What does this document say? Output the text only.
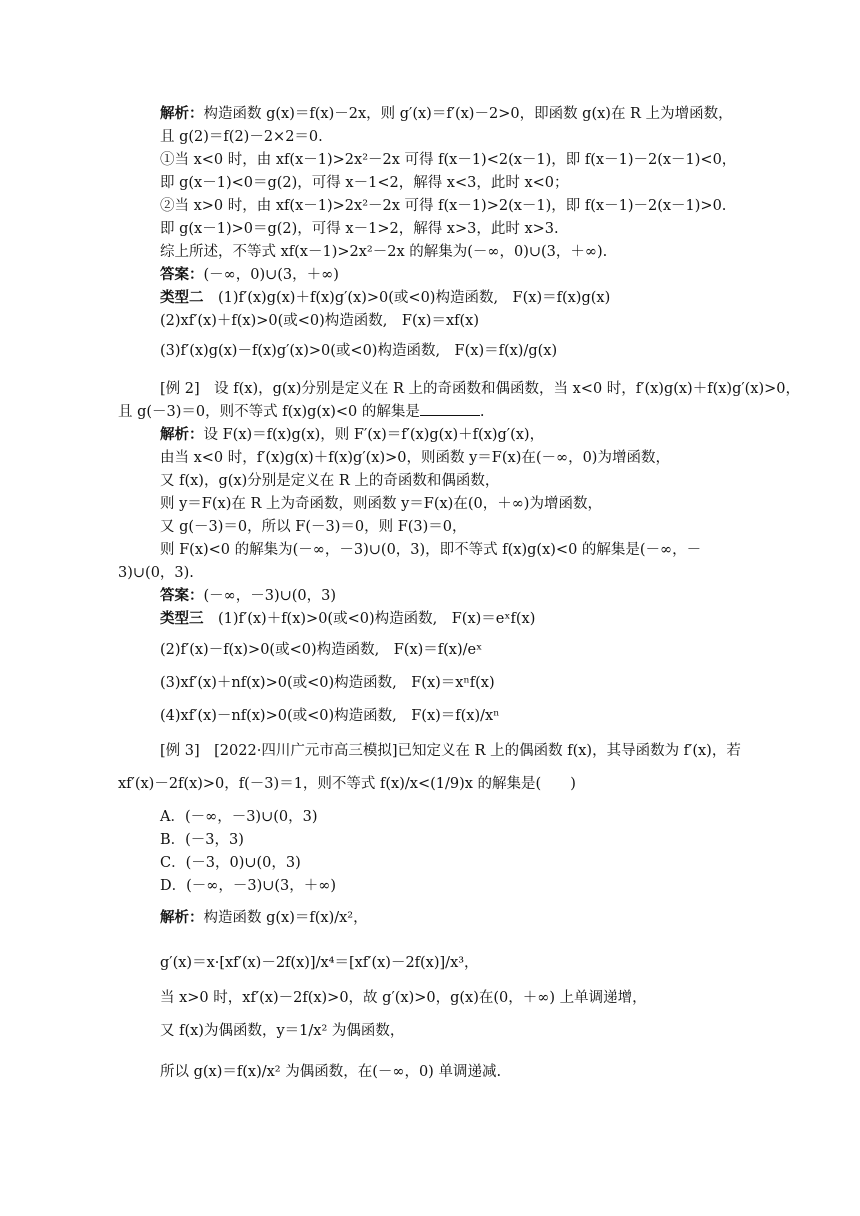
解析：构造函数 g(x)＝f(x)－2x，则 g′(x)＝f′(x)－2>0，即函数 g(x)在 R 上为增函数，
且 g(2)＝f(2)－2×2＝0.
①当 x<0 时，由 xf(x－1)>2x²－2x 可得 f(x－1)<2(x－1)，即 f(x－1)－2(x－1)<0，
即 g(x－1)<0＝g(2)，可得 x－1<2，解得 x<3，此时 x<0；
②当 x>0 时，由 xf(x－1)>2x²－2x 可得 f(x－1)>2(x－1)，即 f(x－1)－2(x－1)>0.
即 g(x－1)>0＝g(2)，可得 x－1>2，解得 x>3，此时 x>3.
综上所述，不等式 xf(x－1)>2x²－2x 的解集为(－∞，0)∪(3，＋∞).
答案：(－∞，0)∪(3，＋∞)
类型二　(1)f′(x)g(x)＋f(x)g′(x)>0(或<0)构造函数,　F(x)＝f(x)g(x)
(2)xf′(x)＋f(x)>0(或<0)构造函数,　F(x)＝xf(x)
(3)f′(x)g(x)－f(x)g′(x)>0(或<0)构造函数,　F(x)＝f(x)/g(x)
[例 2]　设 f(x)，g(x)分别是定义在 R 上的奇函数和偶函数，当 x<0 时，f′(x)g(x)＋f(x)g′(x)>0，
且 g(－3)＝0，则不等式 f(x)g(x)<0 的解集是	.
解析：设 F(x)＝f(x)g(x)，则 F′(x)＝f′(x)g(x)＋f(x)g′(x)，
由当 x<0 时，f′(x)g(x)＋f(x)g′(x)>0，则函数 y＝F(x)在(－∞，0)为增函数，
又 f(x)，g(x)分别是定义在 R 上的奇函数和偶函数，
则 y＝F(x)在 R 上为奇函数，则函数 y＝F(x)在(0，＋∞)为增函数，
又 g(－3)＝0，所以 F(－3)＝0，则 F(3)＝0，
则 F(x)<0 的解集为(－∞，－3)∪(0，3)，即不等式 f(x)g(x)<0 的解集是(－∞，－
3)∪(0，3).
答案：(－∞，－3)∪(0，3)
类型三　(1)f′(x)＋f(x)>0(或<0)构造函数,　F(x)＝eˣf(x)
(2)f′(x)－f(x)>0(或<0)构造函数,　F(x)＝f(x)/eˣ
(3)xf′(x)＋nf(x)>0(或<0)构造函数,　F(x)＝xⁿf(x)
(4)xf′(x)－nf(x)>0(或<0)构造函数,　F(x)＝f(x)/xⁿ
[例 3]　[2022·四川广元市高三模拟]已知定义在 R 上的偶函数 f(x)，其导函数为 f′(x)，若
xf′(x)－2f(x)>0，f(－3)＝1，则不等式 f(x)/x<(1/9)x 的解集是(　　)
A．(－∞，－3)∪(0，3)
B．(－3，3)
C．(－3，0)∪(0，3)
D．(－∞，－3)∪(3，＋∞)
解析：构造函数 g(x)＝f(x)/x²，
g′(x)＝x·[xf′(x)－2f(x)]/x⁴＝[xf′(x)－2f(x)]/x³，
当 x>0 时，xf′(x)－2f(x)>0，故 g′(x)>0，g(x)在(0，＋∞) 上单调递增，
又 f(x)为偶函数，y＝1/x² 为偶函数，
所以 g(x)＝f(x)/x² 为偶函数，在(－∞，0) 单调递减.
